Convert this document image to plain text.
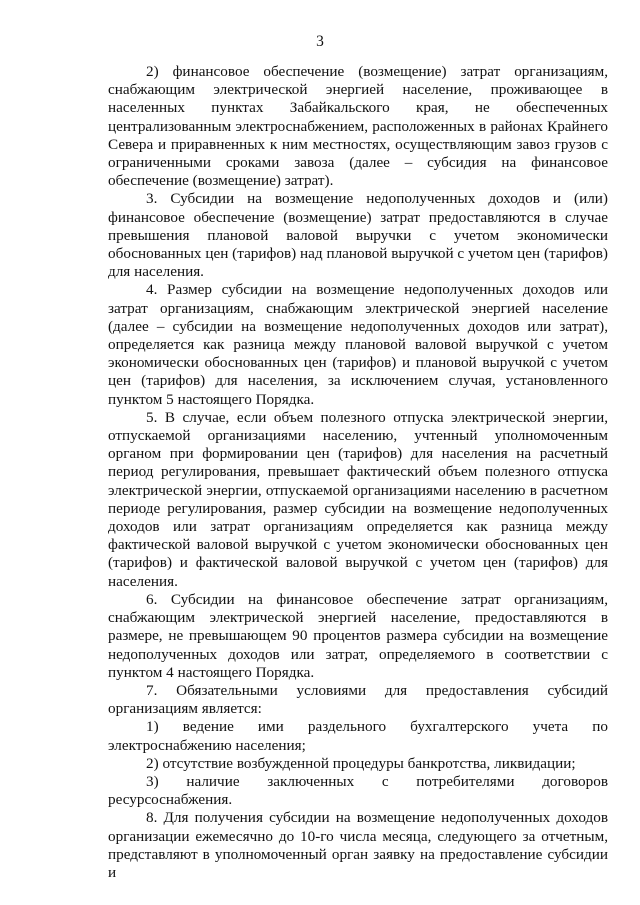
3

2) финансовое обеспечение (возмещение) затрат организациям, снабжающим электрической энергией население, проживающее в населенных пунктах Забайкальского края, не обеспеченных централизованным электроснабжением, расположенных в районах Крайнего Севера и приравненных к ним местностях, осуществляющим завоз грузов с ограниченными сроками завоза (далее – субсидия на финансовое обеспечение (возмещение) затрат).

3. Субсидии на возмещение недополученных доходов и (или) финансовое обеспечение (возмещение) затрат предоставляются в случае превышения плановой валовой выручки с учетом экономически обоснованных цен (тарифов) над плановой выручкой с учетом цен (тарифов) для населения.

4. Размер субсидии на возмещение недополученных доходов или затрат организациям, снабжающим электрической энергией население (далее – субсидии на возмещение недополученных доходов или затрат), определяется как разница между плановой валовой выручкой с учетом экономически обоснованных цен (тарифов) и плановой выручкой с учетом цен (тарифов) для населения, за исключением случая, установленного пунктом 5 настоящего Порядка.

5. В случае, если объем полезного отпуска электрической энергии, отпускаемой организациями населению, учтенный уполномоченным органом при формировании цен (тарифов) для населения на расчетный период регулирования, превышает фактический объем полезного отпуска электрической энергии, отпускаемой организациями населению в расчетном периоде регулирования, размер субсидии на возмещение недополученных доходов или затрат организациям определяется как разница между фактической валовой выручкой с учетом экономически обоснованных цен (тарифов) и фактической валовой выручкой с учетом цен (тарифов) для населения.

6. Субсидии на финансовое обеспечение затрат организациям, снабжающим электрической энергией население, предоставляются в размере, не превышающем 90 процентов размера субсидии на возмещение недополученных доходов или затрат, определяемого в соответствии с пунктом 4 настоящего Порядка.

7. Обязательными условиями для предоставления субсидий организациям является:

1) ведение ими раздельного бухгалтерского учета по электроснабжению населения;

2) отсутствие возбужденной процедуры банкротства, ликвидации;

3) наличие заключенных с потребителями договоров ресурсоснабжения.

8. Для получения субсидии на возмещение недополученных доходов организации ежемесячно до 10-го числа месяца, следующего за отчетным, представляют в уполномоченный орган заявку на предоставление субсидии и
